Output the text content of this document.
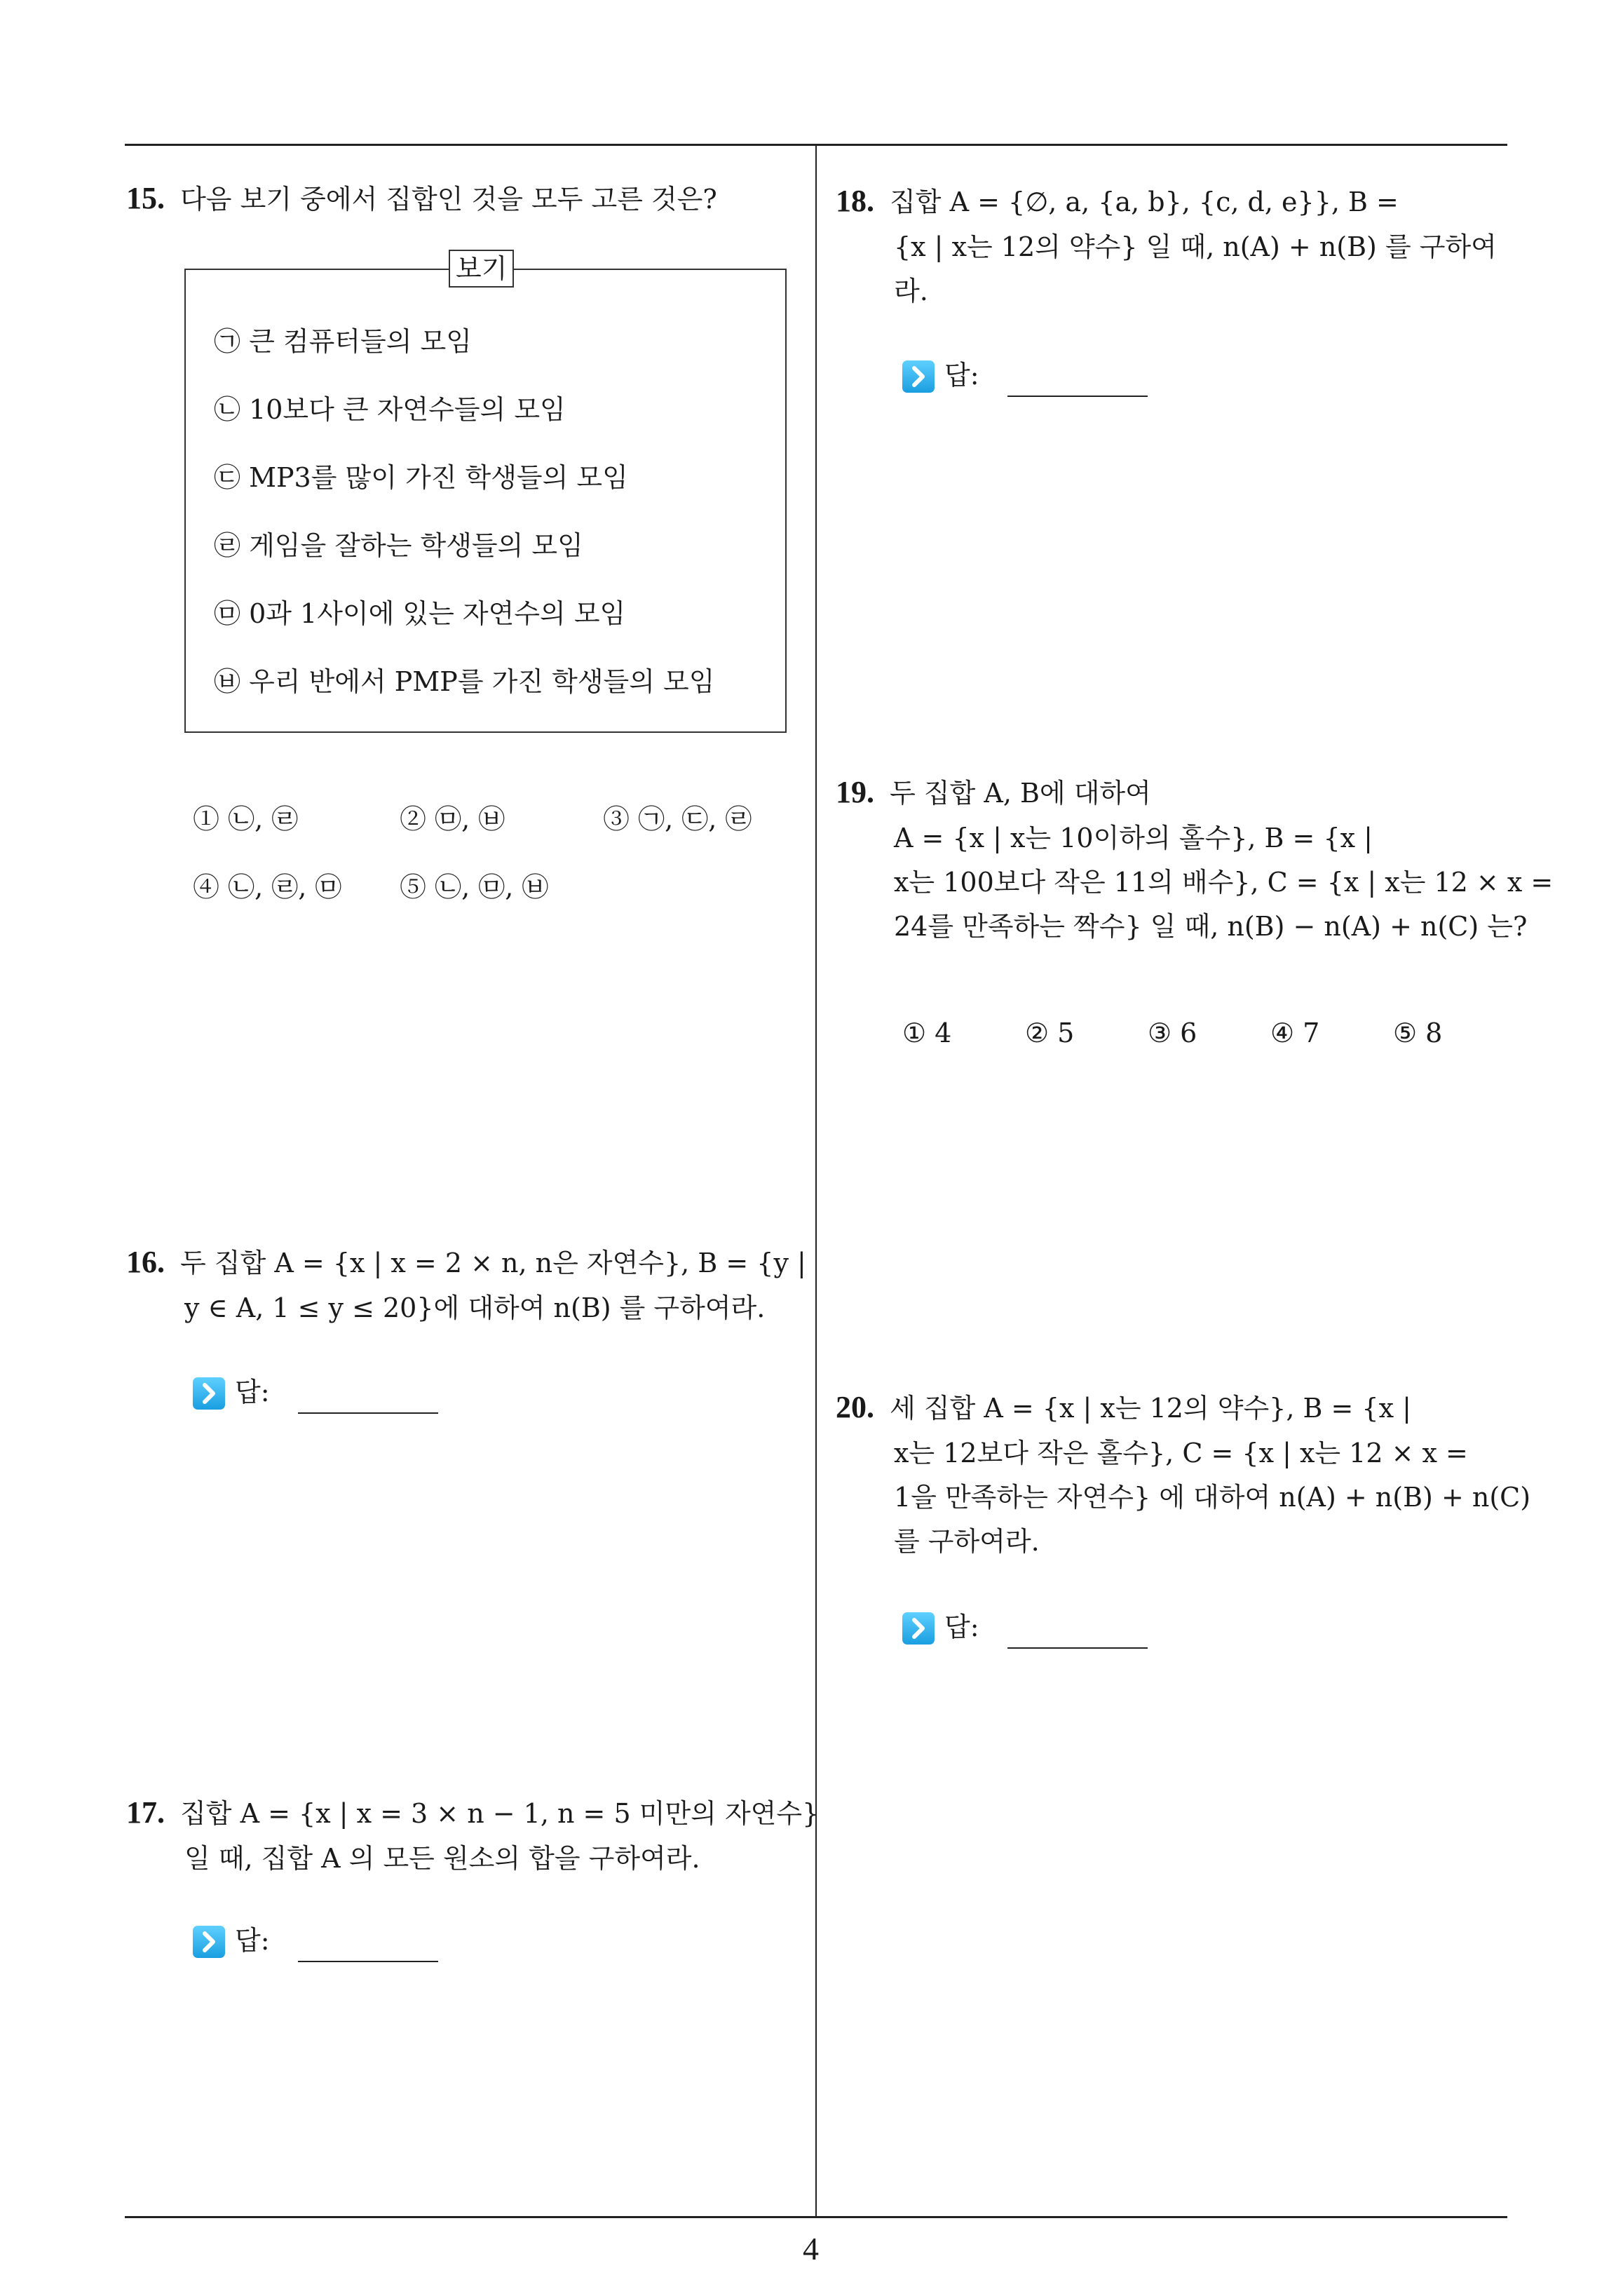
15. 다음 보기 중에서 집합인 것을 모두 고른 것은?
보기
㉠ 큰 컴퓨터들의 모임
㉡ 10보다 큰 자연수들의 모임
㉢ MP3를 많이 가진 학생들의 모임
㉣ 게임을 잘하는 학생들의 모임
㉤ 0과 1사이에 있는 자연수의 모임
㉥ 우리 반에서 PMP를 가진 학생들의 모임
① ㉡, ㉣	② ㉤, ㉥	③ ㉠, ㉢, ㉣
④ ㉡, ㉣, ㉤ ⑤ ㉡, ㉤, ㉥
16. 두 집합 A = {x | x = 2 × n, n은 자연수}, B = {y |
y ∈ A, 1 ≤ y ≤ 20}에 대하여 n(B) 를 구하여라.
답:
17. 집합 A = {x | x = 3 × n − 1, n = 5 미만의 자연수}
일 때, 집합 A 의 모든 원소의 합을 구하여라.
답:
18. 집합 A = {∅, a, {a, b}, {c, d, e}}, B =
{x | x는 12의 약수} 일 때, n(A) + n(B) 를 구하여
라.
답:
19. 두 집합 A, B에 대하여
A = {x | x는 10이하의 홀수}, B = {x |
x는 100보다 작은 11의 배수}, C = {x | x는 12 × x =
24를 만족하는 짝수} 일 때, n(B) − n(A) + n(C) 는?
① 4	② 5	③ 6	④ 7	⑤ 8
20. 세 집합 A = {x | x는 12의 약수}, B = {x |
x는 12보다 작은 홀수}, C = {x | x는 12 × x =
1을 만족하는 자연수} 에 대하여 n(A) + n(B) + n(C)
를 구하여라.
답:
4
